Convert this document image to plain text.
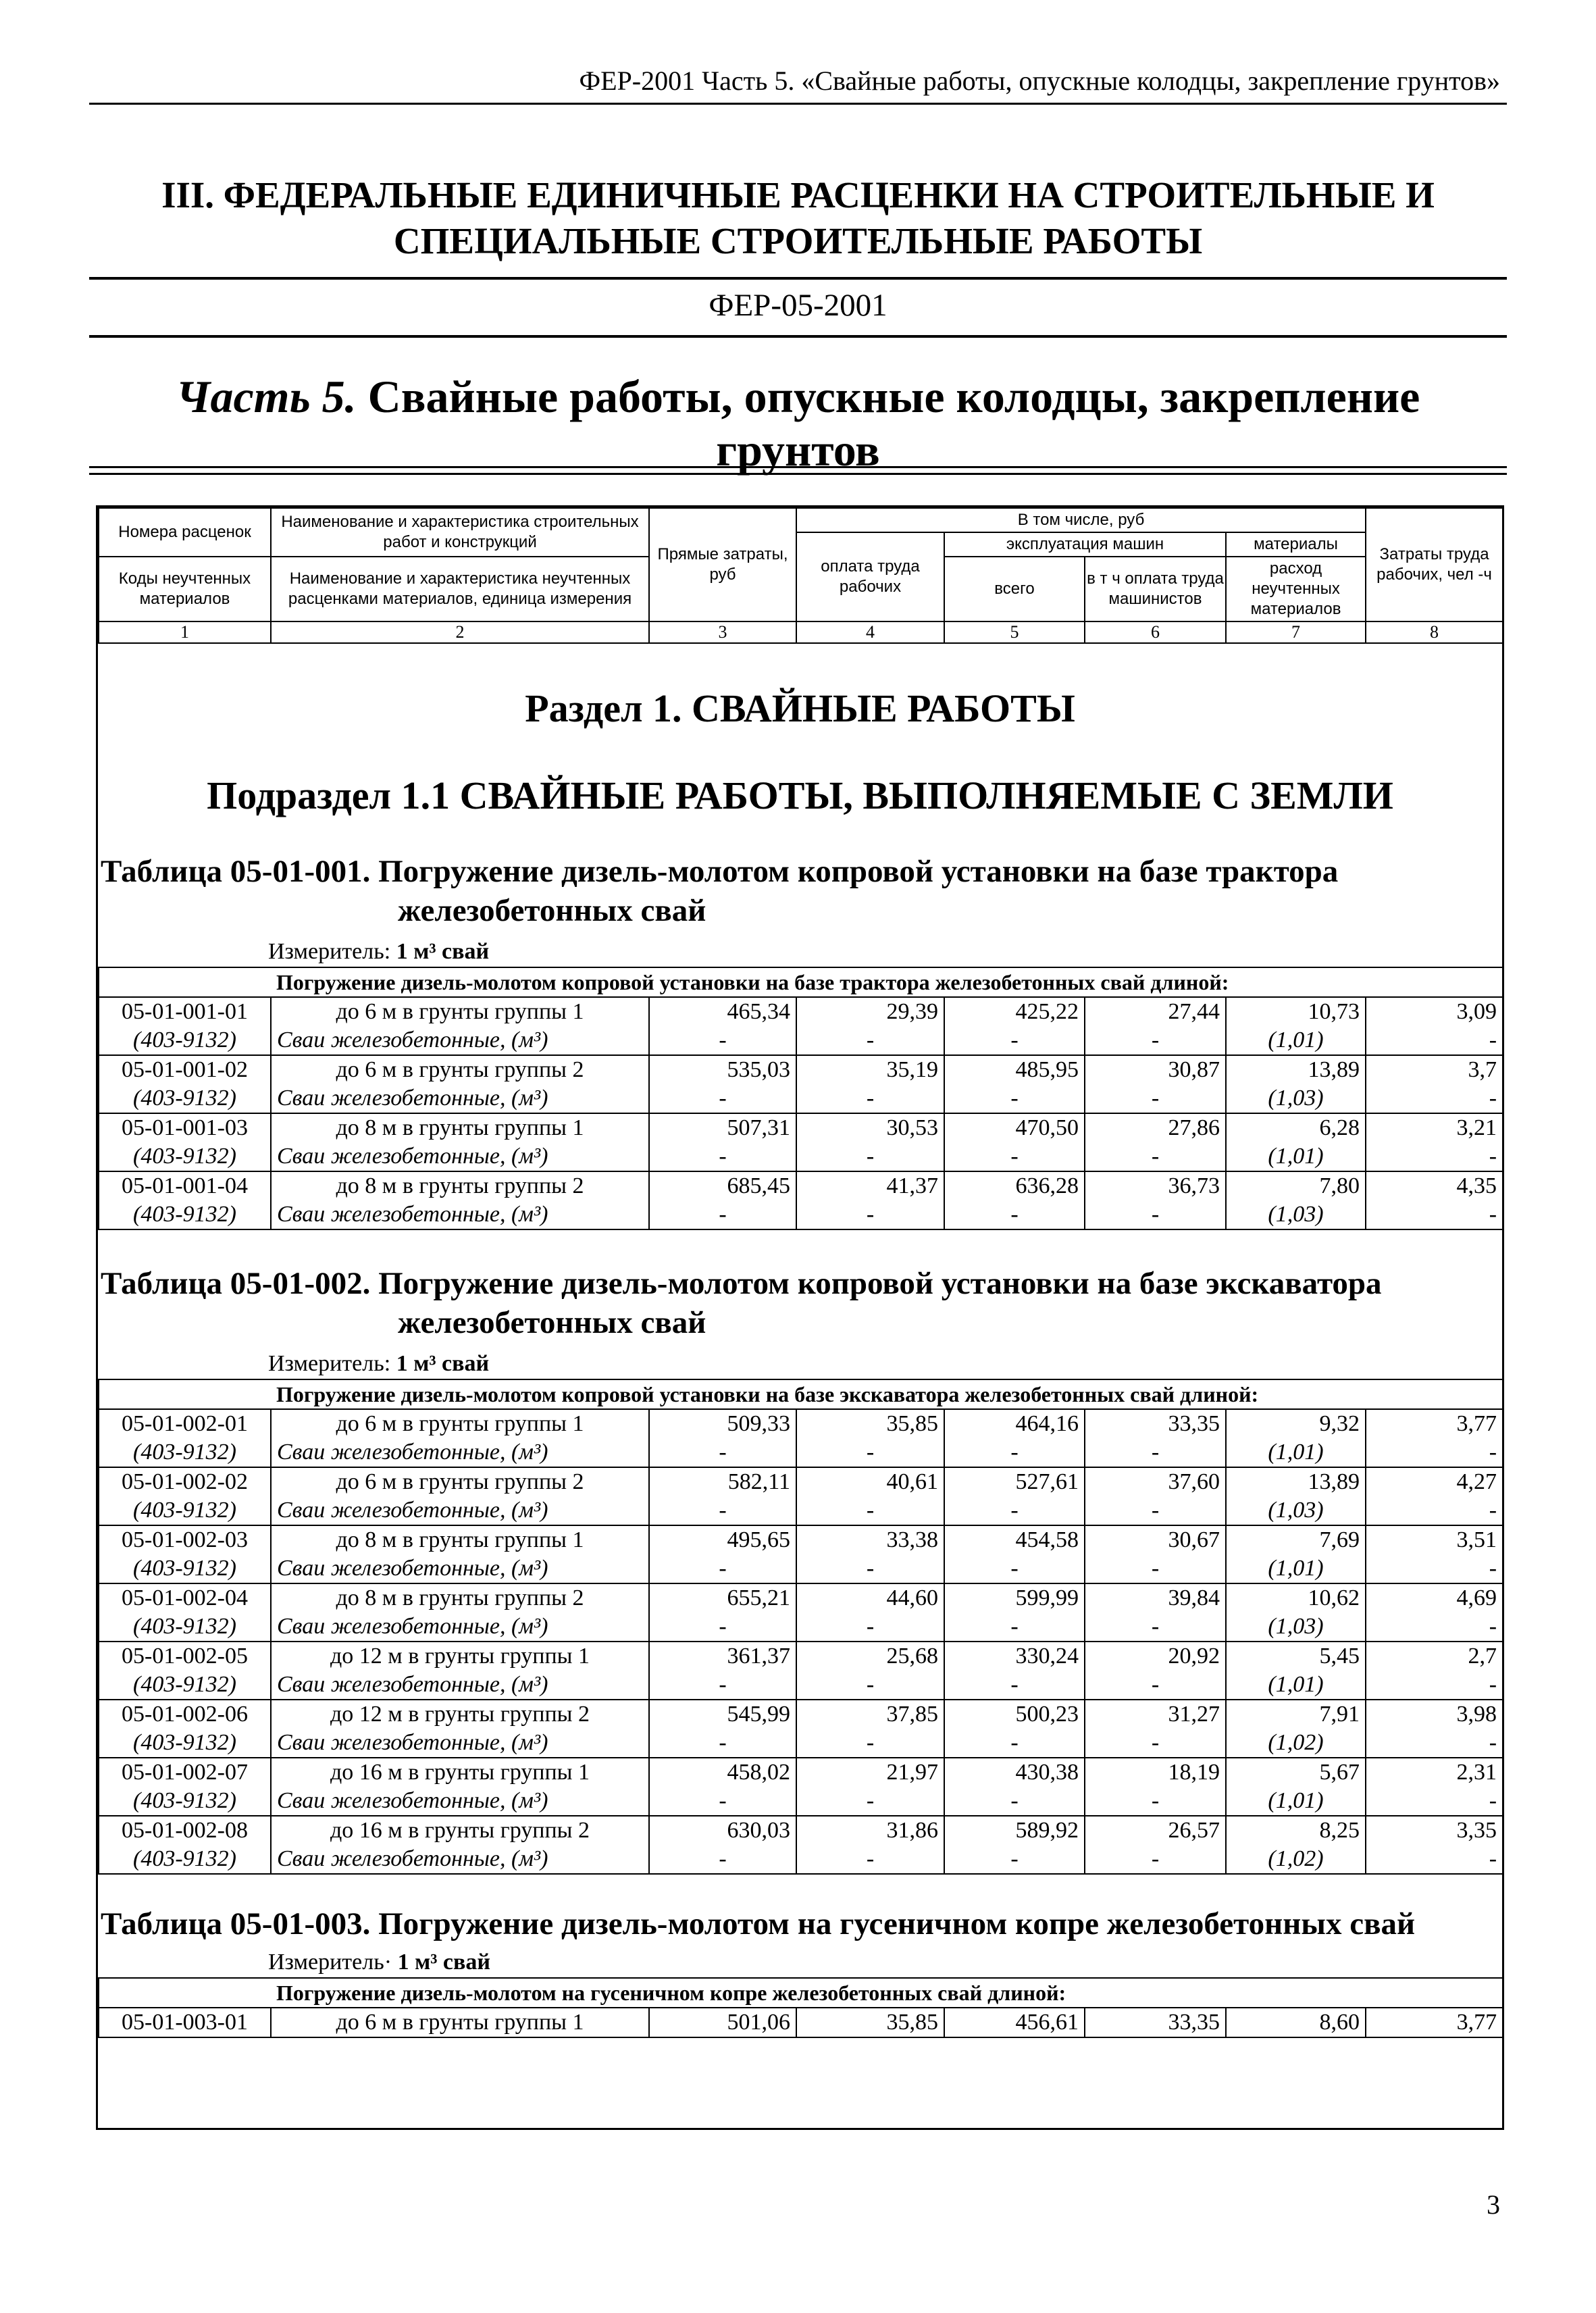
ФЕР-2001 Часть 5. «Свайные работы, опускные колодцы, закрепление грунтов»
III. ФЕДЕРАЛЬНЫЕ ЕДИНИЧНЫЕ РАСЦЕНКИ НА СТРОИТЕЛЬНЫЕ И
СПЕЦИАЛЬНЫЕ СТРОИТЕЛЬНЫЕ РАБОТЫ
ФЕР-05-2001
Часть 5. Свайные работы, опускные колодцы, закрепление грунтов
Номера расценок	Наименование и характеристика строительных работ и конструкций	Прямые затраты, руб	В том числе, руб				Затраты труда рабочих, чел -ч
			оплата труда рабочих	эксплуатация машин		материалы	
Коды неучтенных материалов	Наименование и характеристика неучтенных расценками материалов, единица измерения			всего	в т ч оплата труда машинистов	расход неучтенных материалов	

1	2	3	4	5	6	7	8
Раздел 1. СВАЙНЫЕ РАБОТЫ
Подраздел 1.1 СВАЙНЫЕ РАБОТЫ, ВЫПОЛНЯЕМЫЕ С ЗЕМЛИ
Таблица 05-01-001. Погружение дизель-молотом копровой установки на базе трактора
железобетонных свай
Измеритель: 1 м³ свай
Погружение дизель-молотом копровой установки на базе трактора железобетонных свай длиной:							
05-01-001-01	до 6 м в грунты группы 1	465,34	29,39	425,22	27,44	10,73	3,09
(403-9132)	Сваи железобетонные, (м³)	-	-	-	-	(1,01)	-
05-01-001-02	до 6 м в грунты группы 2	535,03	35,19	485,95	30,87	13,89	3,7
(403-9132)	Сваи железобетонные, (м³)	-	-	-	-	(1,03)	-
05-01-001-03	до 8 м в грунты группы 1	507,31	30,53	470,50	27,86	6,28	3,21
(403-9132)	Сваи железобетонные, (м³)	-	-	-	-	(1,01)	-
05-01-001-04	до 8 м в грунты группы 2	685,45	41,37	636,28	36,73	7,80	4,35
(403-9132)	Сваи железобетонные, (м³)	-	-	-	-	(1,03)	-
Таблица 05-01-002. Погружение дизель-молотом копровой установки на базе экскаватора
железобетонных свай
Измеритель: 1 м³ свай
Погружение дизель-молотом копровой установки на базе экскаватора железобетонных свай длиной:							
05-01-002-01	до 6 м в грунты группы 1	509,33	35,85	464,16	33,35	9,32	3,77
(403-9132)	Сваи железобетонные, (м³)	-	-	-	-	(1,01)	-
05-01-002-02	до 6 м в грунты группы 2	582,11	40,61	527,61	37,60	13,89	4,27
(403-9132)	Сваи железобетонные, (м³)	-	-	-	-	(1,03)	-
05-01-002-03	до 8 м в грунты группы 1	495,65	33,38	454,58	30,67	7,69	3,51
(403-9132)	Сваи железобетонные, (м³)	-	-	-	-	(1,01)	-
05-01-002-04	до 8 м в грунты группы 2	655,21	44,60	599,99	39,84	10,62	4,69
(403-9132)	Сваи железобетонные, (м³)	-	-	-	-	(1,03)	-
05-01-002-05	до 12 м в грунты группы 1	361,37	25,68	330,24	20,92	5,45	2,7
(403-9132)	Сваи железобетонные, (м³)	-	-	-	-	(1,01)	-
05-01-002-06	до 12 м в грунты группы 2	545,99	37,85	500,23	31,27	7,91	3,98
(403-9132)	Сваи железобетонные, (м³)	-	-	-	-	(1,02)	-
05-01-002-07	до 16 м в грунты группы 1	458,02	21,97	430,38	18,19	5,67	2,31
(403-9132)	Сваи железобетонные, (м³)	-	-	-	-	(1,01)	-
05-01-002-08	до 16 м в грунты группы 2	630,03	31,86	589,92	26,57	8,25	3,35
(403-9132)	Сваи железобетонные, (м³)	-	-	-	-	(1,02)	-
Таблица 05-01-003. Погружение дизель-молотом на гусеничном копре железобетонных свай
Измеритель· 1 м³ свай
Погружение дизель-молотом на гусеничном копре железобетонных свай длиной:
05-01-003-01	до 6 м в грунты группы 1	501,06	35,85	456,61	33,35	8,60	3,77
3
